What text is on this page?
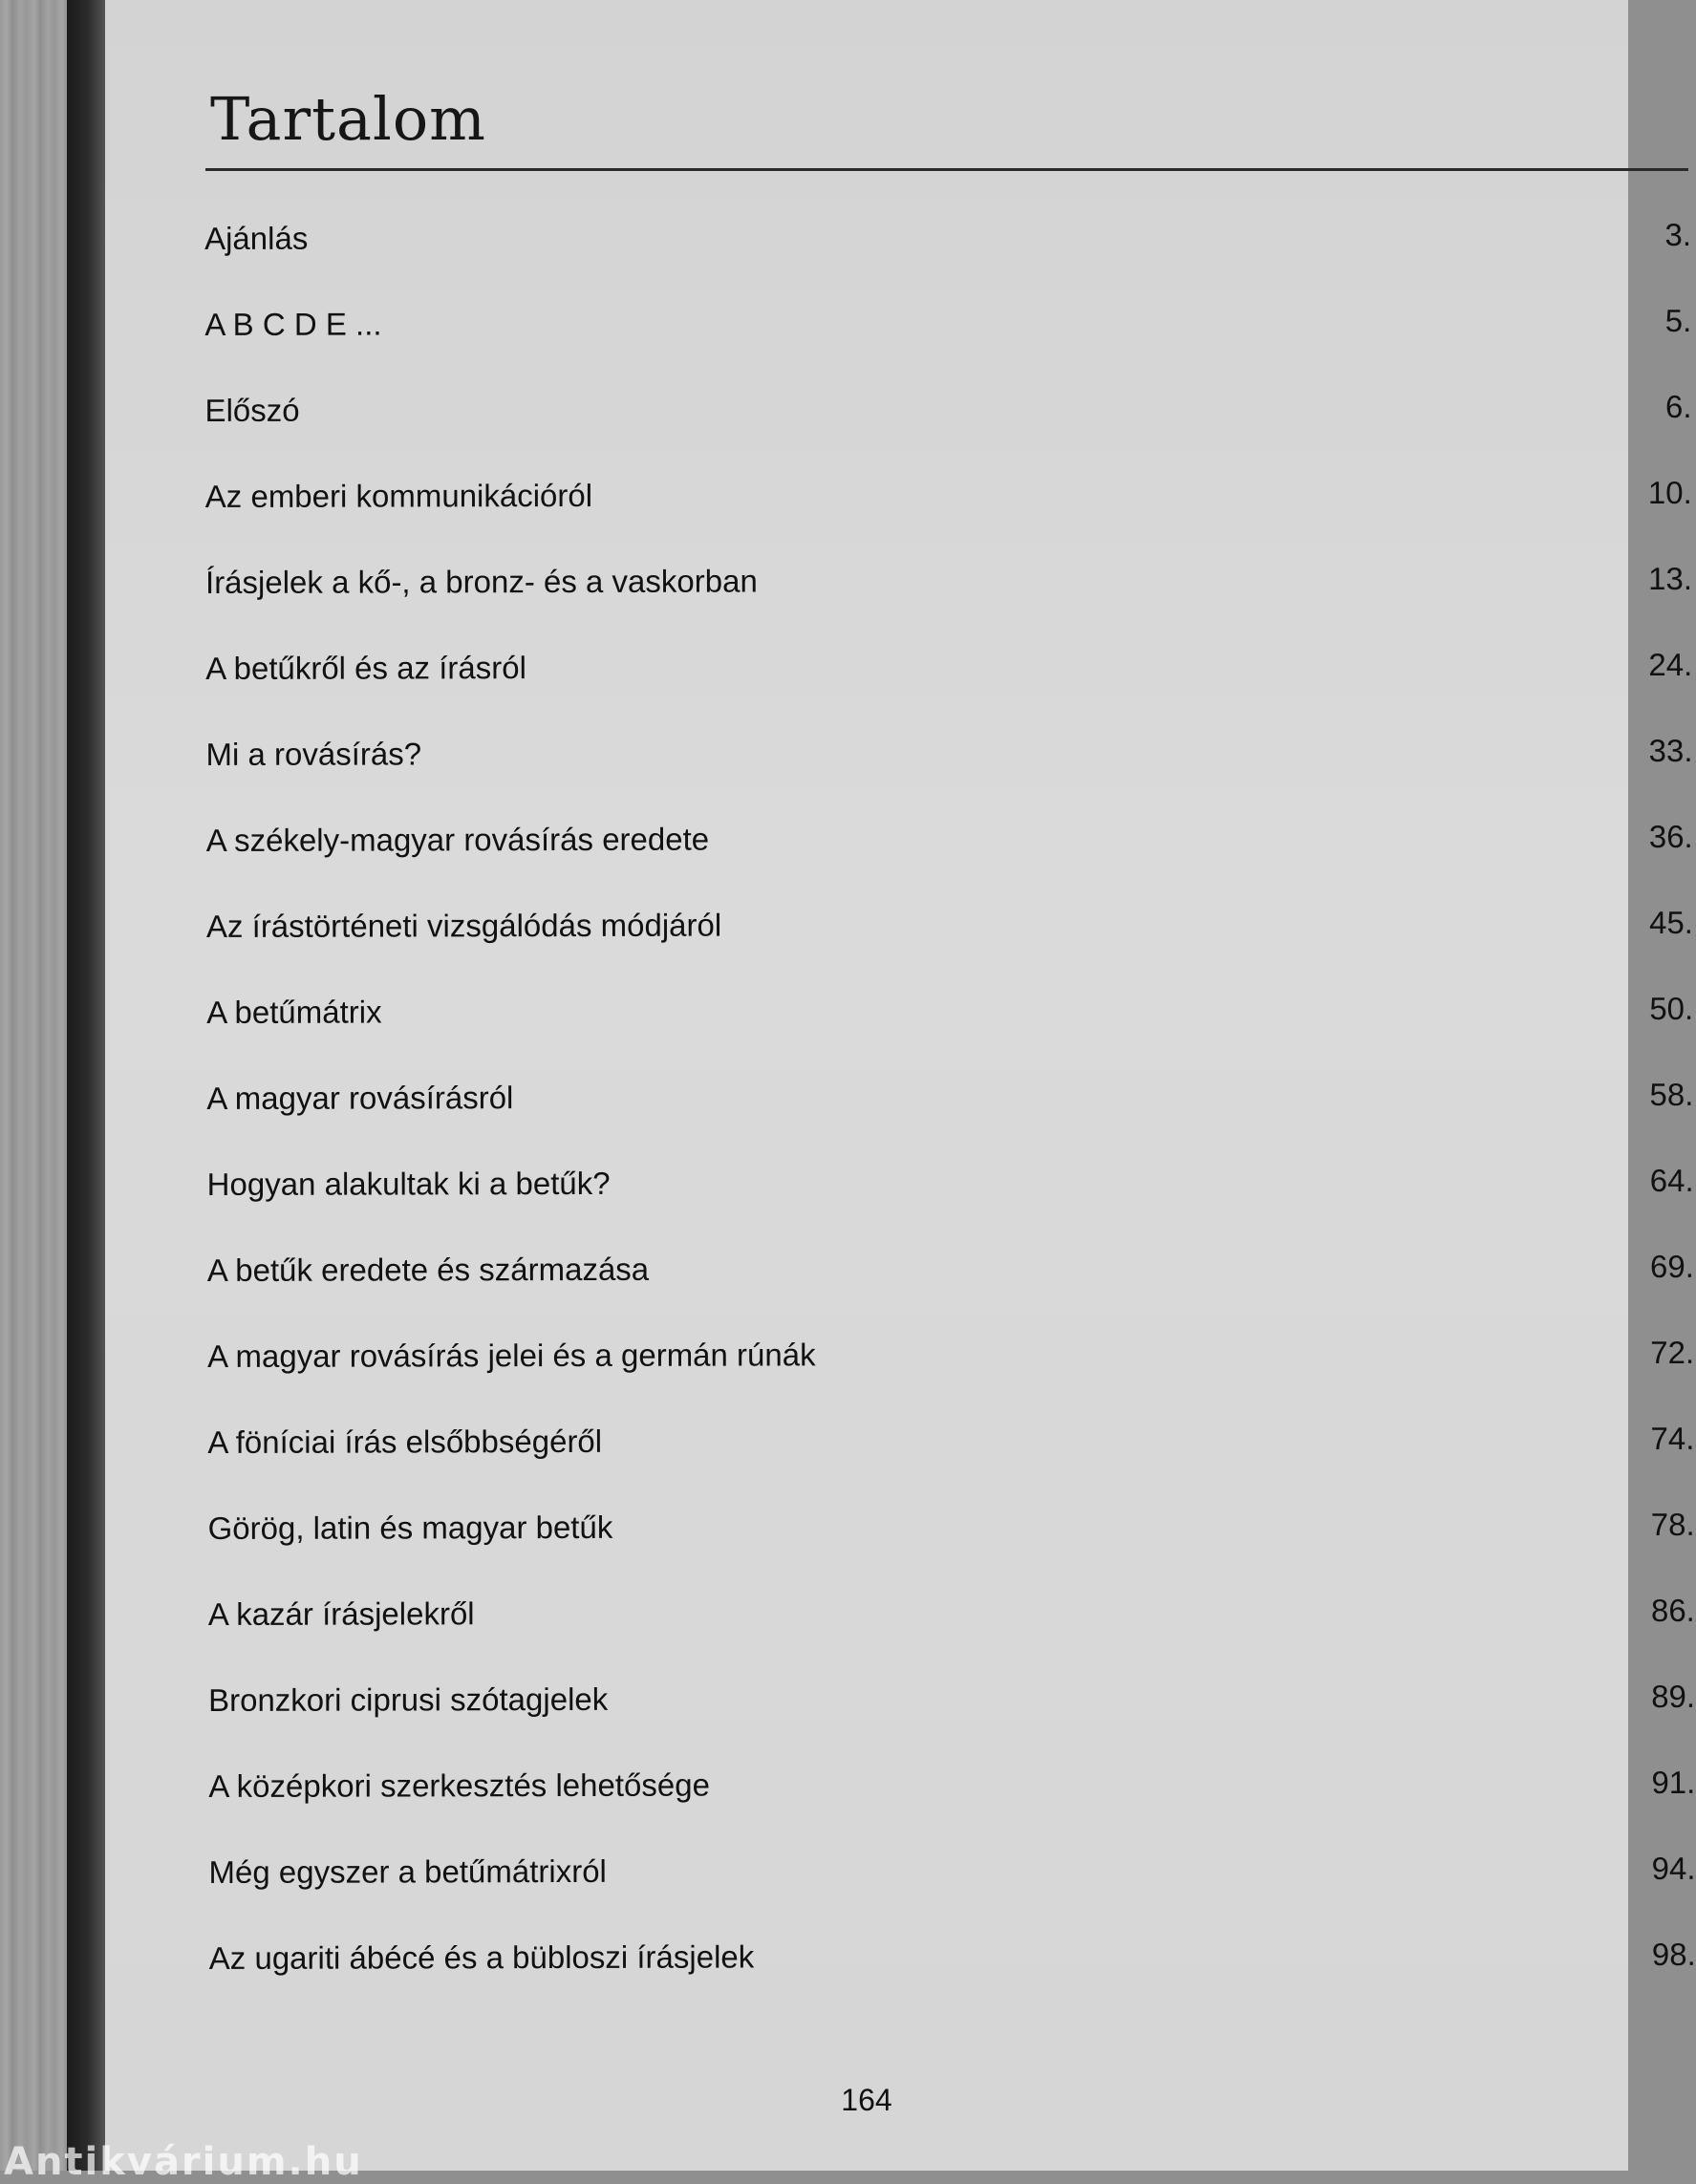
Tartalom
Ajánlás	3.
A B C D E ...	5.
Előszó	6.
Az emberi kommunikációról	10.
Írásjelek a kő-, a bronz- és a vaskorban	13.
A betűkről és az írásról	24.
Mi a rovásírás?	33.
A székely-magyar rovásírás eredete	36.
Az írástörténeti vizsgálódás módjáról	45.
A betűmátrix	50.
A magyar rovásírásról	58.
Hogyan alakultak ki a betűk?	64.
A betűk eredete és származása	69.
A magyar rovásírás jelei és a germán rúnák	72.
A föníciai írás elsőbbségéről	74.
Görög, latin és magyar betűk	78.
A kazár írásjelekről	86.
Bronzkori ciprusi szótagjelek	89.
A középkori szerkesztés lehetősége	91.
Még egyszer a betűmátrixról	94.
Az ugariti ábécé és a bübloszi írásjelek	98.
164
Antikvárium.hu
